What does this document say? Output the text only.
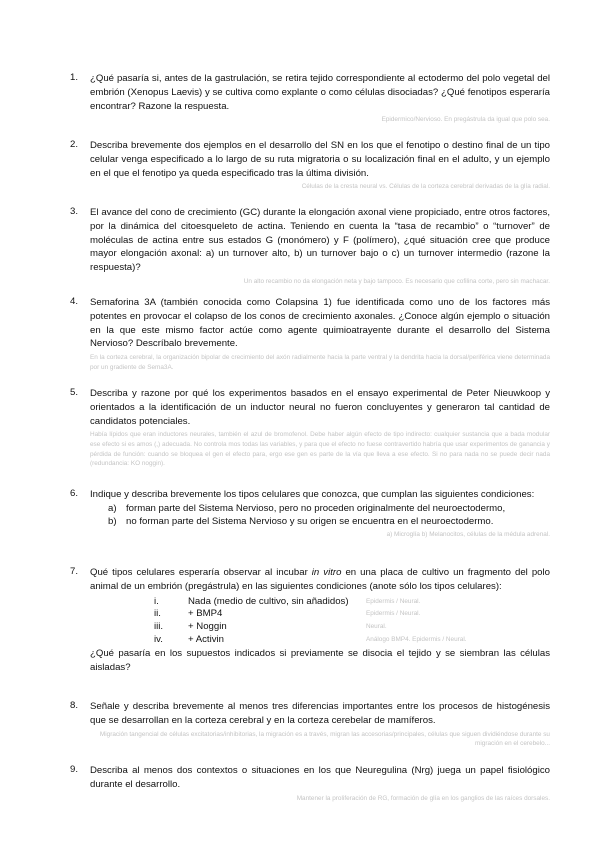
1. ¿Qué pasaría si, antes de la gastrulación, se retira tejido correspondiente al ectodermo del polo vegetal del embrión (Xenopus Laevis) y se cultiva como explante o como células disociadas? ¿Qué fenotipos esperaría encontrar? Razone la respuesta.
Epidermico/Nervioso. En pregástrula da igual que polo sea.
2. Describa brevemente dos ejemplos en el desarrollo del SN en los que el fenotipo o destino final de un tipo celular venga especificado a lo largo de su ruta migratoria o su localización final en el adulto, y un ejemplo en el que el fenotipo ya queda especificado tras la última división.
Células de la cresta neural vs. Células de la corteza cerebral derivadas de la glía radial.
3. El avance del cono de crecimiento (GC) durante la elongación axonal viene propiciado, entre otros factores, por la dinámica del citoesqueleto de actina. Teniendo en cuenta la “tasa de recambio” o “turnover” de moléculas de actina entre sus estados G (monómero) y F (polímero), ¿qué situación cree que produce mayor elongación axonal: a) un turnover alto, b) un turnover bajo o c) un turnover intermedio (razone la respuesta)?
Un alto recambio no da elongación neta y bajo tampoco. Es necesario que cofilina corte, pero sin machacar.
4. Semaforina 3A (también conocida como Colapsina 1) fue identificada como uno de los factores más potentes en provocar el colapso de los conos de crecimiento axonales. ¿Conoce algún ejemplo o situación en la que este mismo factor actúe como agente quimioatrayente durante el desarrollo del Sistema Nervioso? Descríbalo brevemente.
En la corteza cerebral, la organización bipolar de crecimiento del axón radialmente hacia la parte ventral y la dendrita hacia la dorsal/periférica viene determinada por un gradiente de Sema3A.
5. Describa y razone por qué los experimentos basados en el ensayo experimental de Peter Nieuwkoop y orientados a la identificación de un inductor neural no fueron concluyentes y generaron tal cantidad de candidatos potenciales.
Había lípidos que eran inductores neurales, también el azul de bromofenol. Debe haber algún efecto de tipo indirecto: cualquier sustancia que a bada modular ese efecto si es amos (,) adecuada. No controla mos todas las variables, y para que el efecto no fuese contravertido habría que usar experimentos de ganancia y pérdida de función: cuando se bloquea el gen el efecto para, ergo ese gen es parte de la vía que lleva a ese efecto. Si no para nada no se puede decir nada (redundancia: KO noggin).
6. Indique y describa brevemente los tipos celulares que conozca, que cumplan las siguientes condiciones:
a) forman parte del Sistema Nervioso, pero no proceden originalmente del neuroectodermo,
b) no forman parte del Sistema Nervioso y su origen se encuentra en el neuroectodermo.
a) Microglía b) Melanocitos, células de la médula adrenal.
7. Qué tipos celulares esperaría observar al incubar in vitro en una placa de cultivo un fragmento del polo animal de un embrión (pregástrula) en las siguientes condiciones (anote sólo los tipos celulares):
i.	Nada (medio de cultivo, sin añadidos)	Epidermis / Neural.
ii.	+ BMP4	Epidermis / Neural.
iii.	+ Noggin	Neural.
iv.	+ Activin	Análogo BMP4. Epidermis / Neural.
¿Qué pasaría en los supuestos indicados si previamente se disocia el tejido y se siembran las células aisladas?
8. Señale y describa brevemente al menos tres diferencias importantes entre los procesos de histogénesis que se desarrollan en la corteza cerebral y en la corteza cerebelar de mamíferos.
Migración tangencial de células excitatorias/inhibitorias, la migración es a través, migran las accesorias/principales, células que siguen dividiéndose durante su migración en el cerebelo...
9. Describa al menos dos contextos o situaciones en los que Neuregulina (Nrg) juega un papel fisiológico durante el desarrollo.
Mantener la proliferación de RG, formación de glía en los ganglios de las raíces dorsales.
